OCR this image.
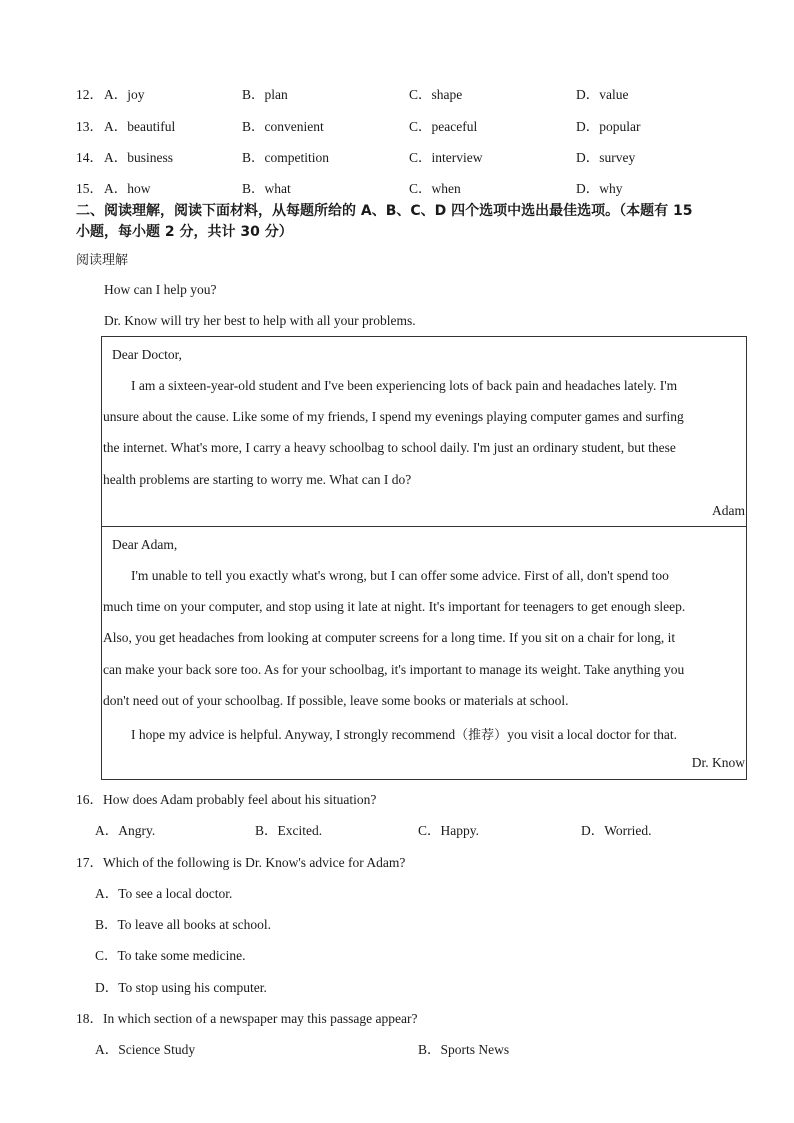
12． A．joy	B．plan	C．shape	D．value
13． A．beautiful	B．convenient	C．peaceful	D．popular
14． A．business	B．competition	C．interview	D．survey
15． A．how	B．what	C．when	D．why
二、阅读理解，阅读下面材料，从每题所给的 A、B、C、D 四个选项中选出最佳选项。（本题有 15
小题，每小题 2 分，共计 30 分）
阅读理解
How can I help you?
Dr. Know will try her best to help with all your problems.
Dear Doctor,
I am a sixteen-year-old student and I've been experiencing lots of back pain and headaches lately. I'm
unsure about the cause. Like some of my friends, I spend my evenings playing computer games and surfing
the internet. What's more, I carry a heavy schoolbag to school daily. I'm just an ordinary student, but these
health problems are starting to worry me. What can I do?
Adam
Dear Adam,
I'm unable to tell you exactly what's wrong, but I can offer some advice. First of all, don't spend too
much time on your computer, and stop using it late at night. It's important for teenagers to get enough sleep.
Also, you get headaches from looking at computer screens for a long time. If you sit on a chair for long, it
can make your back sore too. As for your schoolbag, it's important to manage its weight. Take anything you
don't need out of your schoolbag. If possible, leave some books or materials at school.
I hope my advice is helpful. Anyway, I strongly recommend（推荐）you visit a local doctor for that.
Dr. Know
16．How does Adam probably feel about his situation?
A．Angry.	B．Excited.	C．Happy.	D．Worried.
17．Which of the following is Dr. Know's advice for Adam?
A．To see a local doctor.
B．To leave all books at school.
C．To take some medicine.
D．To stop using his computer.
18．In which section of a newspaper may this passage appear?
A．Science Study	B．Sports News
